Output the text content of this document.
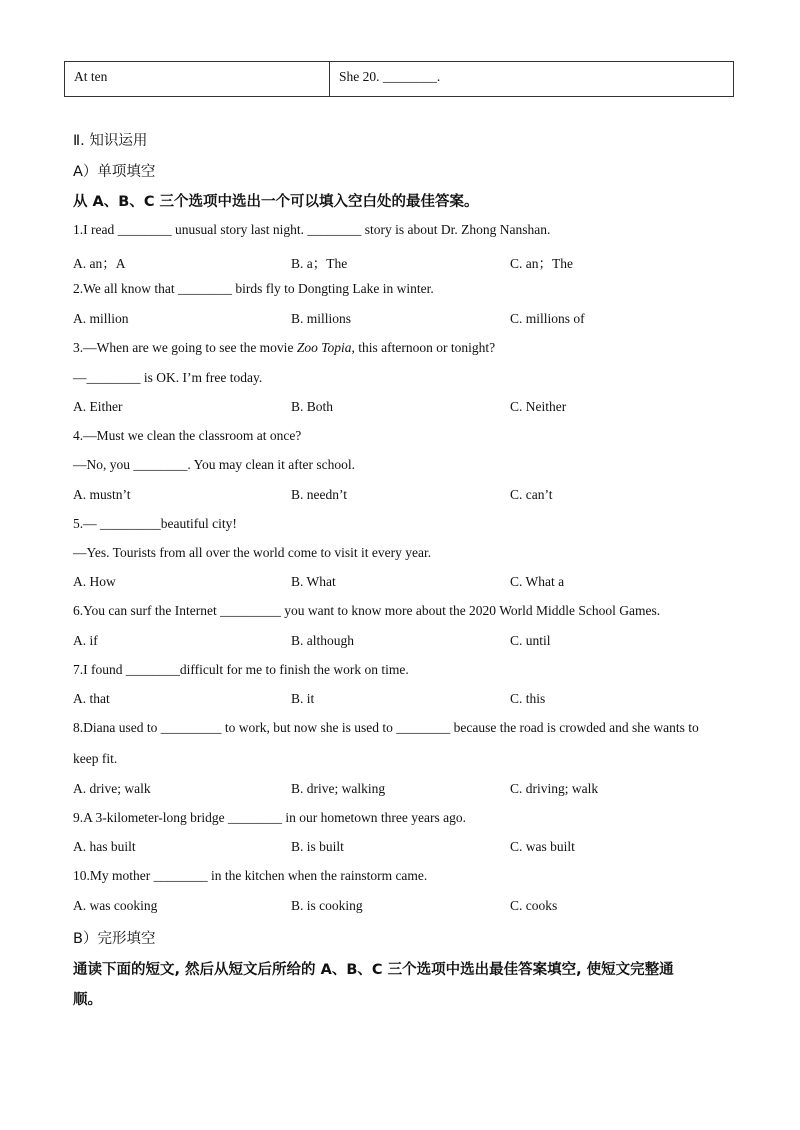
At ten	She 20. ________.
Ⅱ. 知识运用
A）单项填空
从 A、B、C 三个选项中选出一个可以填入空白处的最佳答案。
1.I read ________ unusual story last night. ________ story is about Dr. Zhong Nanshan.
A. an；A	B. a；The	C. an；The
2.We all know that ________ birds fly to Dongting Lake in winter.
A. million	B. millions	C. millions of
3.—When are we going to see the movie Zoo Topia, this afternoon or tonight?
—________ is OK. I’m free today.
A. Either	B. Both	C. Neither
4.—Must we clean the classroom at once?
—No, you ________. You may clean it after school.
A. mustn’t	B. needn’t	C. can’t
5.— _________beautiful city!
—Yes. Tourists from all over the world come to visit it every year.
A. How	B. What	C. What a
6.You can surf the Internet _________ you want to know more about the 2020 World Middle School Games.
A. if	B. although	C. until
7.I found ________difficult for me to finish the work on time.
A. that	B. it	C. this
8.Diana used to _________ to work, but now she is used to ________ because the road is crowded and she wants to
keep fit.
A. drive; walk	B. drive; walking	C. driving; walk
9.A 3-kilometer-long bridge ________ in our hometown three years ago.
A. has built	B. is built	C. was built
10.My mother ________ in the kitchen when the rainstorm came.
A. was cooking	B. is cooking	C. cooks
B）完形填空
通读下面的短文, 然后从短文后所给的 A、B、C 三个选项中选出最佳答案填空, 使短文完整通
顺。
